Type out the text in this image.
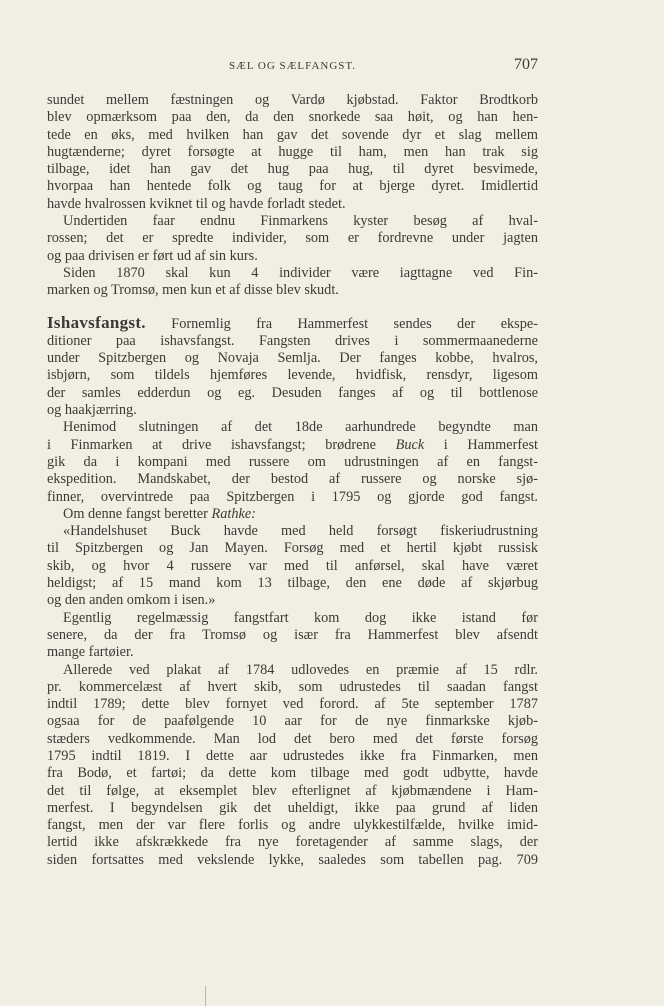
SÆL OG SÆLFANGST.	707
sundet mellem fæstningen og Vardø kjøbstad. Faktor Brodtkorb
blev opmærksom paa den, da den snorkede saa høit, og han hen-
tede en øks, med hvilken han gav det sovende dyr et slag mellem
hugtænderne; dyret forsøgte at hugge til ham, men han trak sig
tilbage, idet han gav det hug paa hug, til dyret besvimede,
hvorpaa han hentede folk og taug for at bjerge dyret. Imidlertid
havde hvalrossen kviknet til og havde forladt stedet.
Undertiden faar endnu Finmarkens kyster besøg af hval-
rossen; det er spredte individer, som er fordrevne under jagten
og paa drivisen er ført ud af sin kurs.
Siden 1870 skal kun 4 individer være iagttagne ved Fin-
marken og Tromsø, men kun et af disse blev skudt.
Ishavsfangst. Fornemlig fra Hammerfest sendes der ekspe-
ditioner paa ishavsfangst. Fangsten drives i sommermaanederne
under Spitzbergen og Novaja Semlja. Der fanges kobbe, hvalros,
isbjørn, som tildels hjemføres levende, hvidfisk, rensdyr, ligesom
der samles edderdun og eg. Desuden fanges af og til bottlenose
og haakjærring.
Henimod slutningen af det 18de aarhundrede begyndte man
i Finmarken at drive ishavsfangst; brødrene Buck i Hammerfest
gik da i kompani med russere om udrustningen af en fangst-
ekspedition. Mandskabet, der bestod af russere og norske sjø-
finner, overvintrede paa Spitzbergen i 1795 og gjorde god fangst.
Om denne fangst beretter Rathke:
«Handelshuset Buck havde med held forsøgt fiskeriudrustning
til Spitzbergen og Jan Mayen. Forsøg med et hertil kjøbt russisk
skib, og hvor 4 russere var med til anførsel, skal have været
heldigst; af 15 mand kom 13 tilbage, den ene døde af skjørbug
og den anden omkom i isen.»
Egentlig regelmæssig fangstfart kom dog ikke istand før
senere, da der fra Tromsø og især fra Hammerfest blev afsendt
mange fartøier.
Allerede ved plakat af 1784 udlovedes en præmie af 15 rdlr.
pr. kommercelæst af hvert skib, som udrustedes til saadan fangst
indtil 1789; dette blev fornyet ved forord. af 5te september 1787
ogsaa for de paafølgende 10 aar for de nye finmarkske kjøb-
stæders vedkommende. Man lod det bero med det første forsøg
1795 indtil 1819. I dette aar udrustedes ikke fra Finmarken, men
fra Bodø, et fartøi; da dette kom tilbage med godt udbytte, havde
det til følge, at eksemplet blev efterlignet af kjøbmændene i Ham-
merfest. I begyndelsen gik det uheldigt, ikke paa grund af liden
fangst, men der var flere forlis og andre ulykkestilfælde, hvilke imid-
lertid ikke afskrækkede fra nye foretagender af samme slags, der
siden fortsattes med vekslende lykke, saaledes som tabellen pag. 709
